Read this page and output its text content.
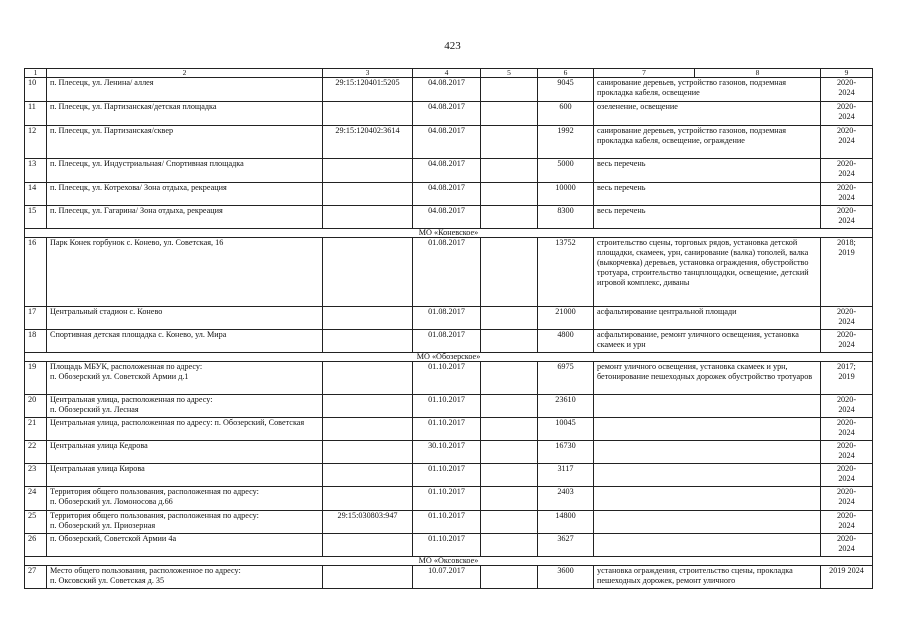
423
1	2	3	4	5	6	7	8	9
10	п. Плесецк, ул. Ленина/ аллея	29:15:120401:5205	04.08.2017		9045	санирование деревьев, устройство газонов, подземная прокладка кабеля, освещение		2020-
2024
11	п. Плесецк, ул. Партизанская/детская площадка		04.08.2017		600	озеленение, освещение		2020-
2024
12	п. Плесецк, ул. Партизанская/сквер	29:15:120402:3614	04.08.2017		1992	санирование деревьев, устройство газонов, подземная прокладка кабеля, освещение, ограждение		2020-
2024
13	п. Плесецк, ул. Индустриальная/ Спортивная площадка		04.08.2017		5000	весь перечень		2020-
2024
14	п. Плесецк, ул. Котрехова/ Зона отдыха, рекреация		04.08.2017		10000	весь перечень		2020-
2024
15	п. Плесецк, ул. Гагарина/ Зона отдыха, рекреация		04.08.2017		8300	весь перечень		2020-
2024
МО «Коневское»								
16	Парк Конек горбунок с. Конево, ул. Советская, 16		01.08.2017		13752	строительство сцены, торговых рядов, установка детской площадки, скамеек, урн, санирование (валка) тополей, валка (выкорчевка) деревьев, установка ограждения, обустройство тротуара, строительство танцплощадки, освещение, детский игровой комплекс, диваны		2018;
2019
17	Центральный стадион с. Конево		01.08.2017		21000	асфальтирование центральной площади		2020-
2024
18	Спортивная детская площадка с. Конево, ул. Мира		01.08.2017		4800	асфальтирование, ремонт уличного освещения, установка скамеек и урн		2020-
2024
МО «Обозерское»								
19	Площадь МБУК, расположенная по адресу:
п. Обозерский ул. Советской Армии д.1		01.10.2017		6975	ремонт уличного освещения, установка скамеек и урн, бетонирование пешеходных дорожек обустройство тротуаров		2017;
2019
20	Центральная улица, расположенная по адресу:
п. Обозерский ул. Лесная		01.10.2017		23610			2020-
2024
21	Центральная улица, расположенная по адресу: п. Обозерский, Советская		01.10.2017		10045			2020-
2024
22	Центральная улица Кедрова		30.10.2017		16730			2020-
2024
23	Центральная улица Кирова		01.10.2017		3117			2020-
2024
24	Территория общего пользования, расположенная по адресу:
п. Обозерский ул. Ломоносова д.66		01.10.2017		2403			2020-
2024
25	Территория общего пользования, расположенная по адресу:
п. Обозерский ул. Приозерная	29:15:030803:947	01.10.2017		14800			2020-
2024
26	п. Обозерский, Советской Армии 4а		01.10.2017		3627			2020-
2024
МО «Оксовское»								
27	Место общего пользования, расположенное по адресу:
п. Оксовский ул. Советская д. 35		10.07.2017		3600	установка ограждения, строительство сцены, прокладка пешеходных дорожек, ремонт уличного		2019 2024
